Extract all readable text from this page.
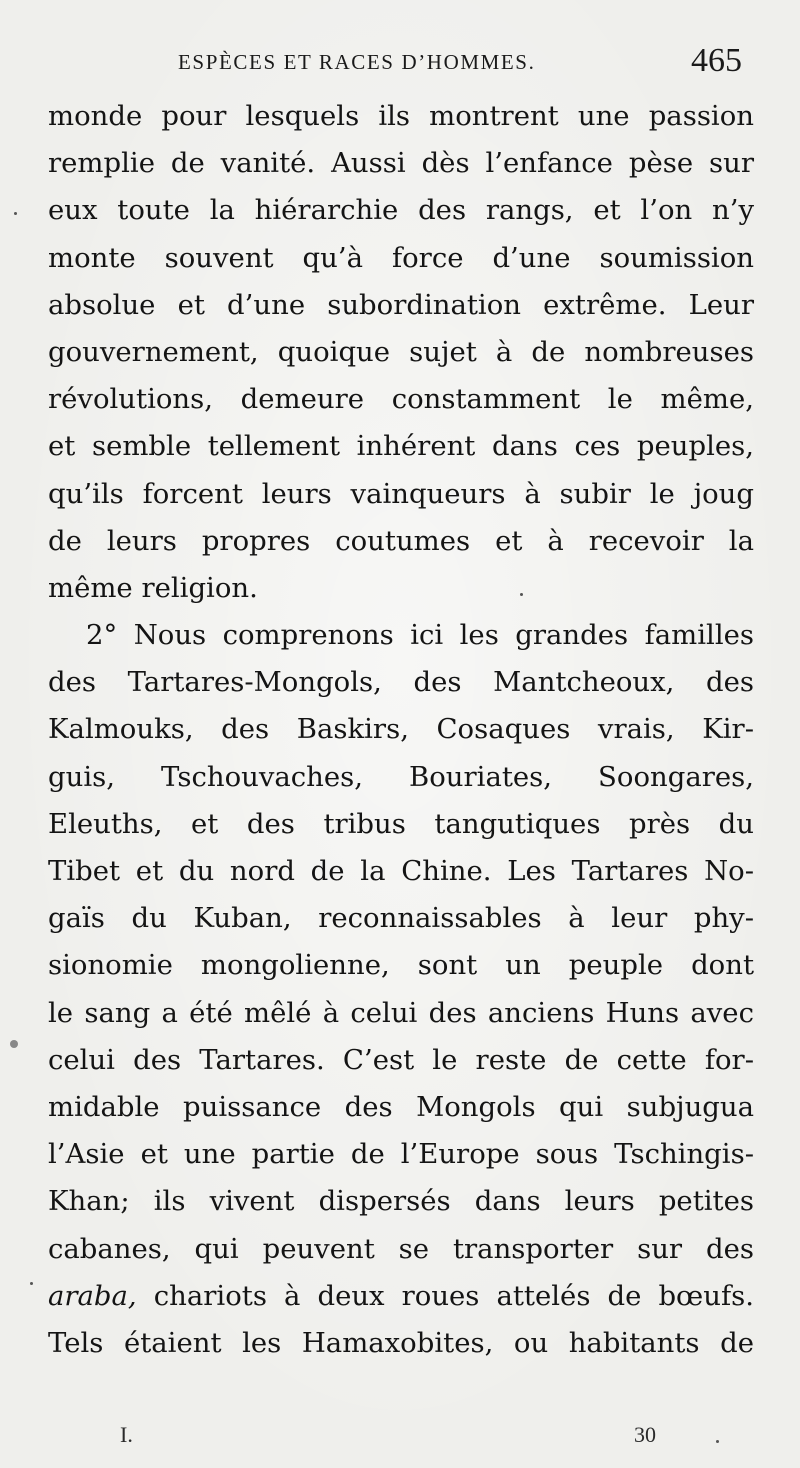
ESPÈCES ET RACES D’HOMMES.	465
monde pour lesquels ils montrent une passion
remplie de vanité. Aussi dès l’enfance pèse sur
eux toute la hiérarchie des rangs, et l’on n’y
monte souvent qu’à force d’une soumission
absolue et d’une subordination extrême. Leur
gouvernement, quoique sujet à de nombreuses
révolutions, demeure constamment le même,
et semble tellement inhérent dans ces peuples,
qu’ils forcent leurs vainqueurs à subir le joug
de leurs propres coutumes et à recevoir la
même religion.
2° Nous comprenons ici les grandes familles
des Tartares-Mongols, des Mantcheoux, des
Kalmouks, des Baskirs, Cosaques vrais, Kir-
guis, Tschouvaches, Bouriates, Soongares,
Eleuths, et des tribus tangutiques près du
Tibet et du nord de la Chine. Les Tartares No-
gaïs du Kuban, reconnaissables à leur phy-
sionomie mongolienne, sont un peuple dont
le sang a été mêlé à celui des anciens Huns avec
celui des Tartares. C’est le reste de cette for-
midable puissance des Mongols qui subjugua
l’Asie et une partie de l’Europe sous Tschingis-
Khan; ils vivent dispersés dans leurs petites
cabanes, qui peuvent se transporter sur des
araba, chariots à deux roues attelés de bœufs.
Tels étaient les Hamaxobites, ou habitants de
I.	30
